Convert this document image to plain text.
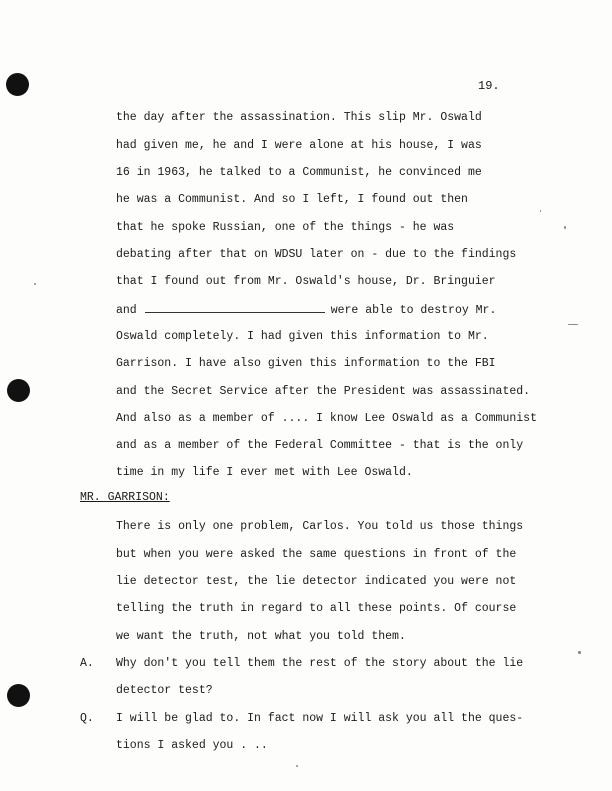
19.
the day after the assassination. This slip Mr. Oswald
had given me, he and I were alone at his house, I was
16 in 1963, he talked to a Communist, he convinced me
he was a Communist. And so I left, I found out then
that he spoke Russian, one of the things - he was
debating after that on WDSU later on - due to the findings
that I found out from Mr. Oswald's house, Dr. Bringuier
and	were able to destroy Mr.
Oswald completely. I had given this information to Mr.
Garrison. I have also given this information to the FBI
and the Secret Service after the President was assassinated.
And also as a member of .... I know Lee Oswald as a Communist
and as a member of the Federal Committee - that is the only
time in my life I ever met with Lee Oswald.
MR. GARRISON:
There is only one problem, Carlos. You told us those things
but when you were asked the same questions in front of the
lie detector test, the lie detector indicated you were not
telling the truth in regard to all these points. Of course
we want the truth, not what you told them.
A. Why don't you tell them the rest of the story about the lie
detector test?
Q. I will be glad to. In fact now I will ask you all the ques-
tions I asked you . ..
